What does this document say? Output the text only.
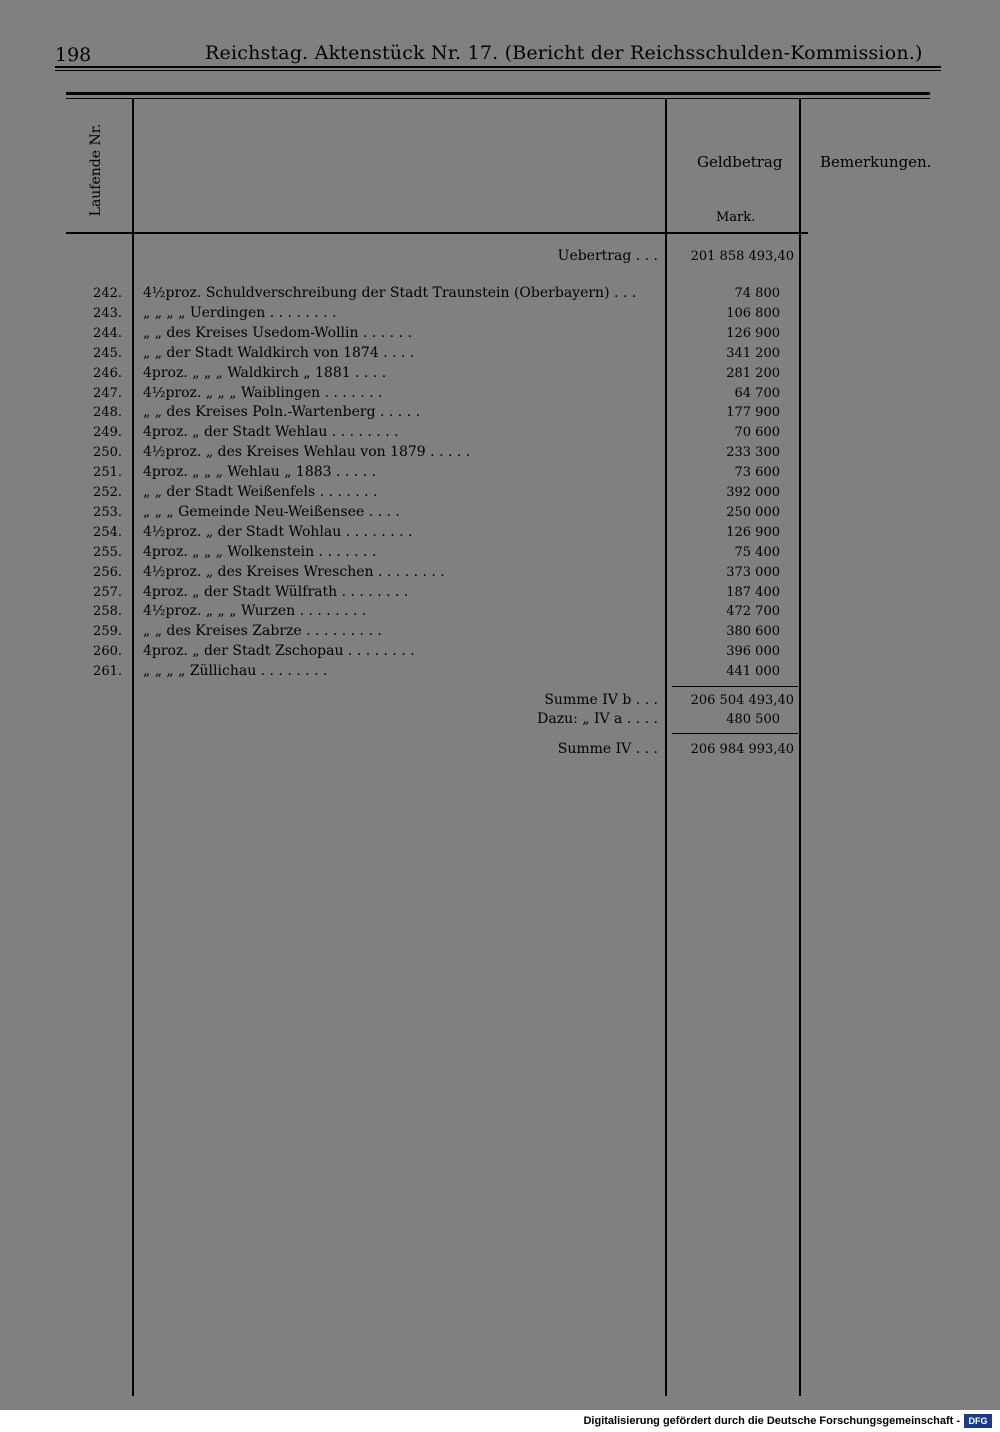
198	Reichstag. Aktenstück Nr. 17. (Bericht der Reichsschulden-Kommission.)
Laufende Nr.	Geldbetrag
Mark.
Bemerkungen.
Uebertrag . . .	201 858 493,40
242. 4½proz. Schuldverschreibung der Stadt Traunstein (Oberbayern) . . .	74 800
243. „ „ „ „ Uerdingen . . . . . . . .	106 800
244. „ „ des Kreises Usedom-Wollin . . . . . .	126 900
245. „ „ der Stadt Waldkirch von 1874 . . . .	341 200
246. 4proz. „ „ „ Waldkirch „ 1881 . . . .	281 200
247. 4½proz. „ „ „ Waiblingen . . . . . . .	64 700
248. „ „ des Kreises Poln.-Wartenberg . . . . .	177 900
249. 4proz. „ der Stadt Wehlau . . . . . . . .	70 600
250. 4½proz. „ des Kreises Wehlau von 1879 . . . . .	233 300
251. 4proz. „ „ „ Wehlau „ 1883 . . . . .	73 600
252. „ „ der Stadt Weißenfels . . . . . . .	392 000
253. „ „ „ Gemeinde Neu-Weißensee . . . .	250 000
254. 4½proz. „ der Stadt Wohlau . . . . . . . .	126 900
255. 4proz. „ „ „ Wolkenstein . . . . . . .	75 400
256. 4½proz. „ des Kreises Wreschen . . . . . . . .	373 000
257. 4proz. „ der Stadt Wülfrath . . . . . . . .	187 400
258. 4½proz. „ „ „ Wurzen . . . . . . . .	472 700
259. „ „ des Kreises Zabrze . . . . . . . . .	380 600
260. 4proz. „ der Stadt Zschopau . . . . . . . .	396 000
261. „ „ „ „ Züllichau . . . . . . . .	441 000
Summe IV b . . .	206 504 493,40
Dazu: „ IV a . . . .	480 500
Summe IV . . .	206 984 993,40
Digitalisierung gefördert durch die Deutsche Forschungsgemeinschaft - DFG
